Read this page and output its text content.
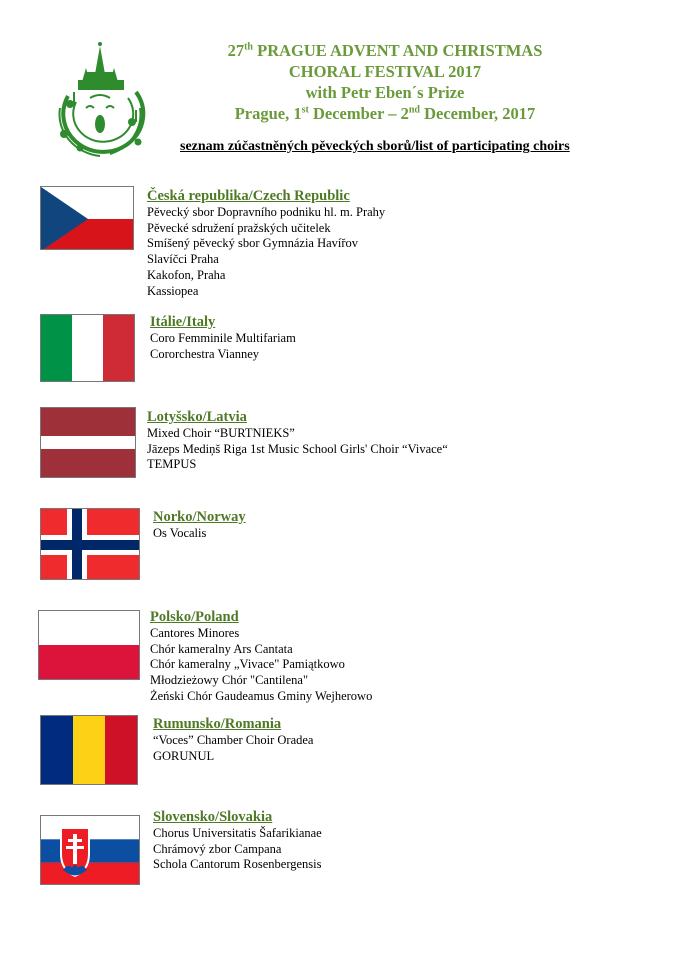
27th PRAGUE ADVENT AND CHRISTMAS
CHORAL FESTIVAL 2017
with Petr Eben´s Prize
Prague, 1st December – 2nd December, 2017
seznam zúčastněných pěveckých sborů/list of participating choirs
Česká republika/Czech Republic
Pěvecký sbor Dopravního podniku hl. m. Prahy
Pěvecké sdružení pražských učitelek
Smíšený pěvecký sbor Gymnázia Havířov
Slavíčci Praha
Kakofon, Praha
Kassiopea
Itálie/Italy
Coro Femminile Multifariam
Cororchestra Vianney
Lotyšsko/Latvia
Mixed Choir “BURTNIEKS”
Jāzeps Mediņš Riga 1st Music School Girls' Choir “Vivace“
TEMPUS
Norko/Norway
Os Vocalis
Polsko/Poland
Cantores Minores
Chór kameralny Ars Cantata
Chór kameralny „Vivace" Pamiątkowo
Młodzieżowy Chór "Cantilena"
Żeński Chór Gaudeamus Gminy Wejherowo
Rumunsko/Romania
“Voces” Chamber Choir Oradea
GORUNUL
Slovensko/Slovakia
Chorus Universitatis Šafarikianae
Chrámový zbor Campana
Schola Cantorum Rosenbergensis
